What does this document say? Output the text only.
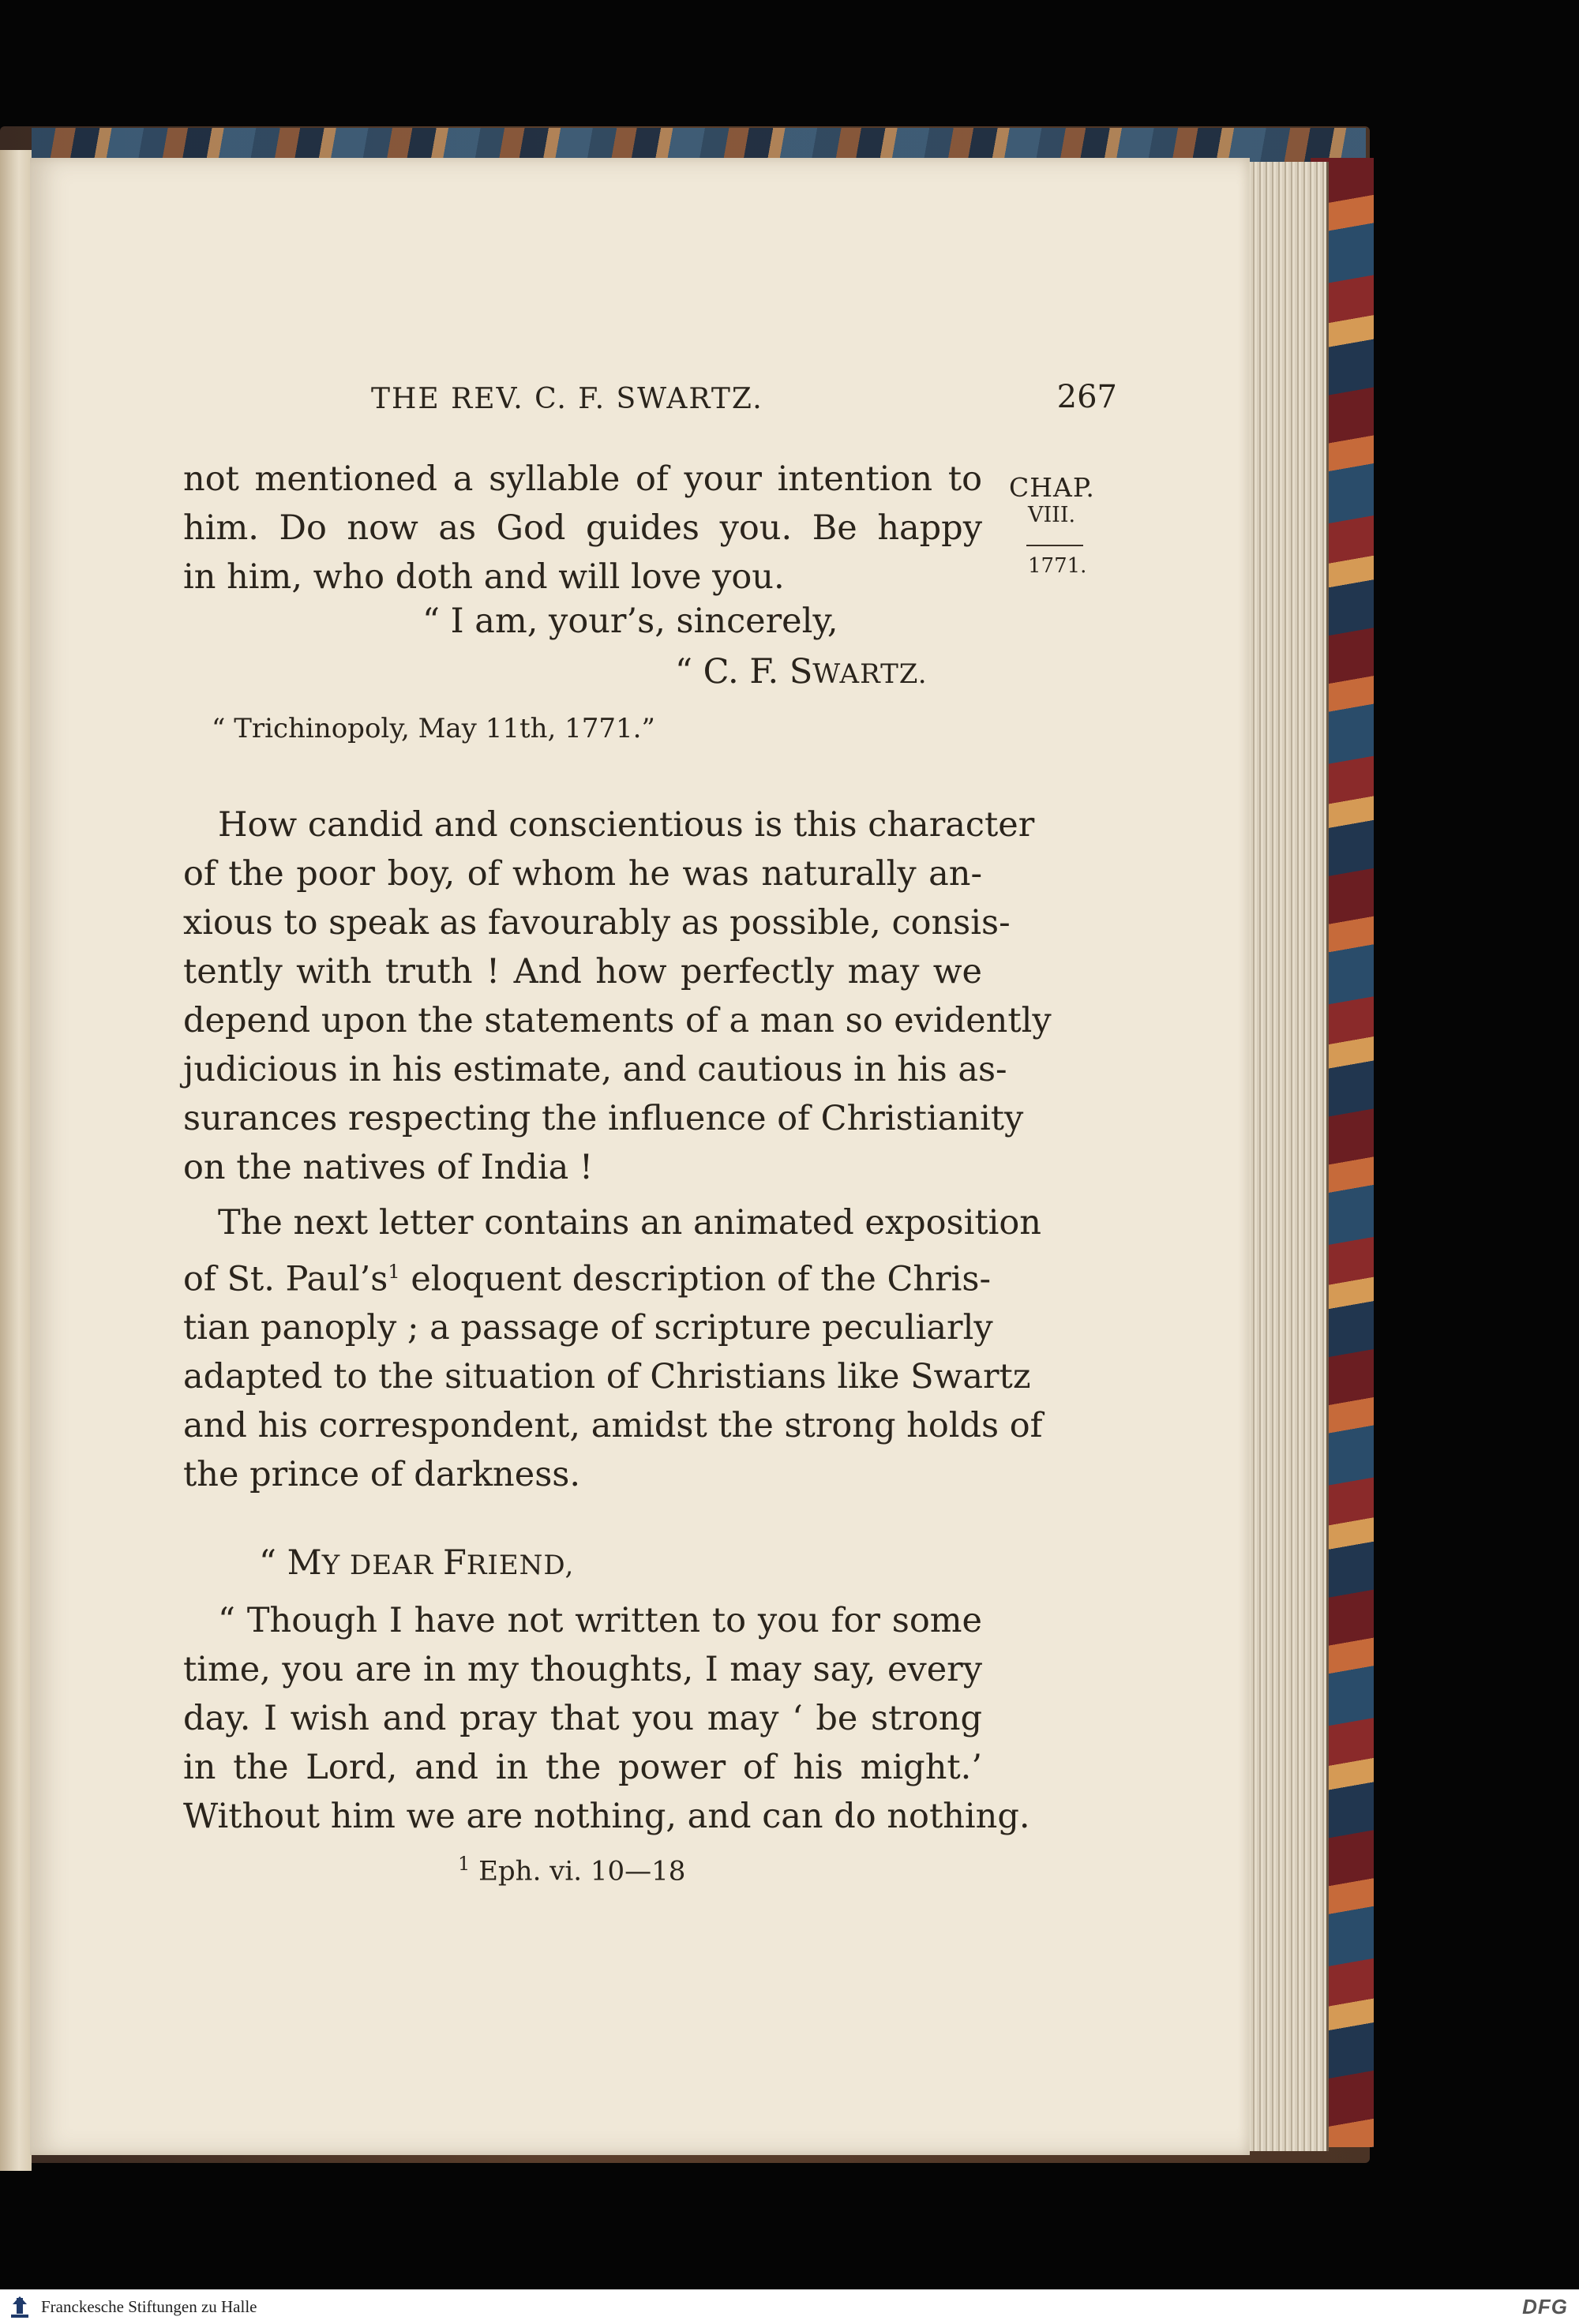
THE REV. C. F. SWARTZ.	267
CHAP.
VIII.
1771.
not mentioned a syllable of your intention to
him. Do now as God guides you. Be happy
in him, who doth and will love you.
“ I am, your’s, sincerely,
“ C. F. SWARTZ.
“ Trichinopoly, May 11th, 1771.”
How candid and conscientious is this character
of the poor boy, of whom he was naturally an-
xious to speak as favourably as possible, consis-
tently with truth ! And how perfectly may we
depend upon the statements of a man so evidently
judicious in his estimate, and cautious in his as-
surances respecting the influence of Christianity
on the natives of India !
The next letter contains an animated exposition
of St. $Paul’s^1$ eloquent description of the Chris-
tian panoply ; a passage of scripture peculiarly
adapted to the situation of Christians like Swartz
and his correspondent, amidst the strong holds of
the prince of darkness.
“ MY DEAR FRIEND,
“ Though I have not written to you for some
time, you are in my thoughts, I may say, every
day. I wish and pray that you may ‘ be strong
in the Lord, and in the power of his might.’
Without him we are nothing, and can do nothing.
$^1$ Eph. vi. 10—18
Franckesche Stiftungen zu Halle	DFG
